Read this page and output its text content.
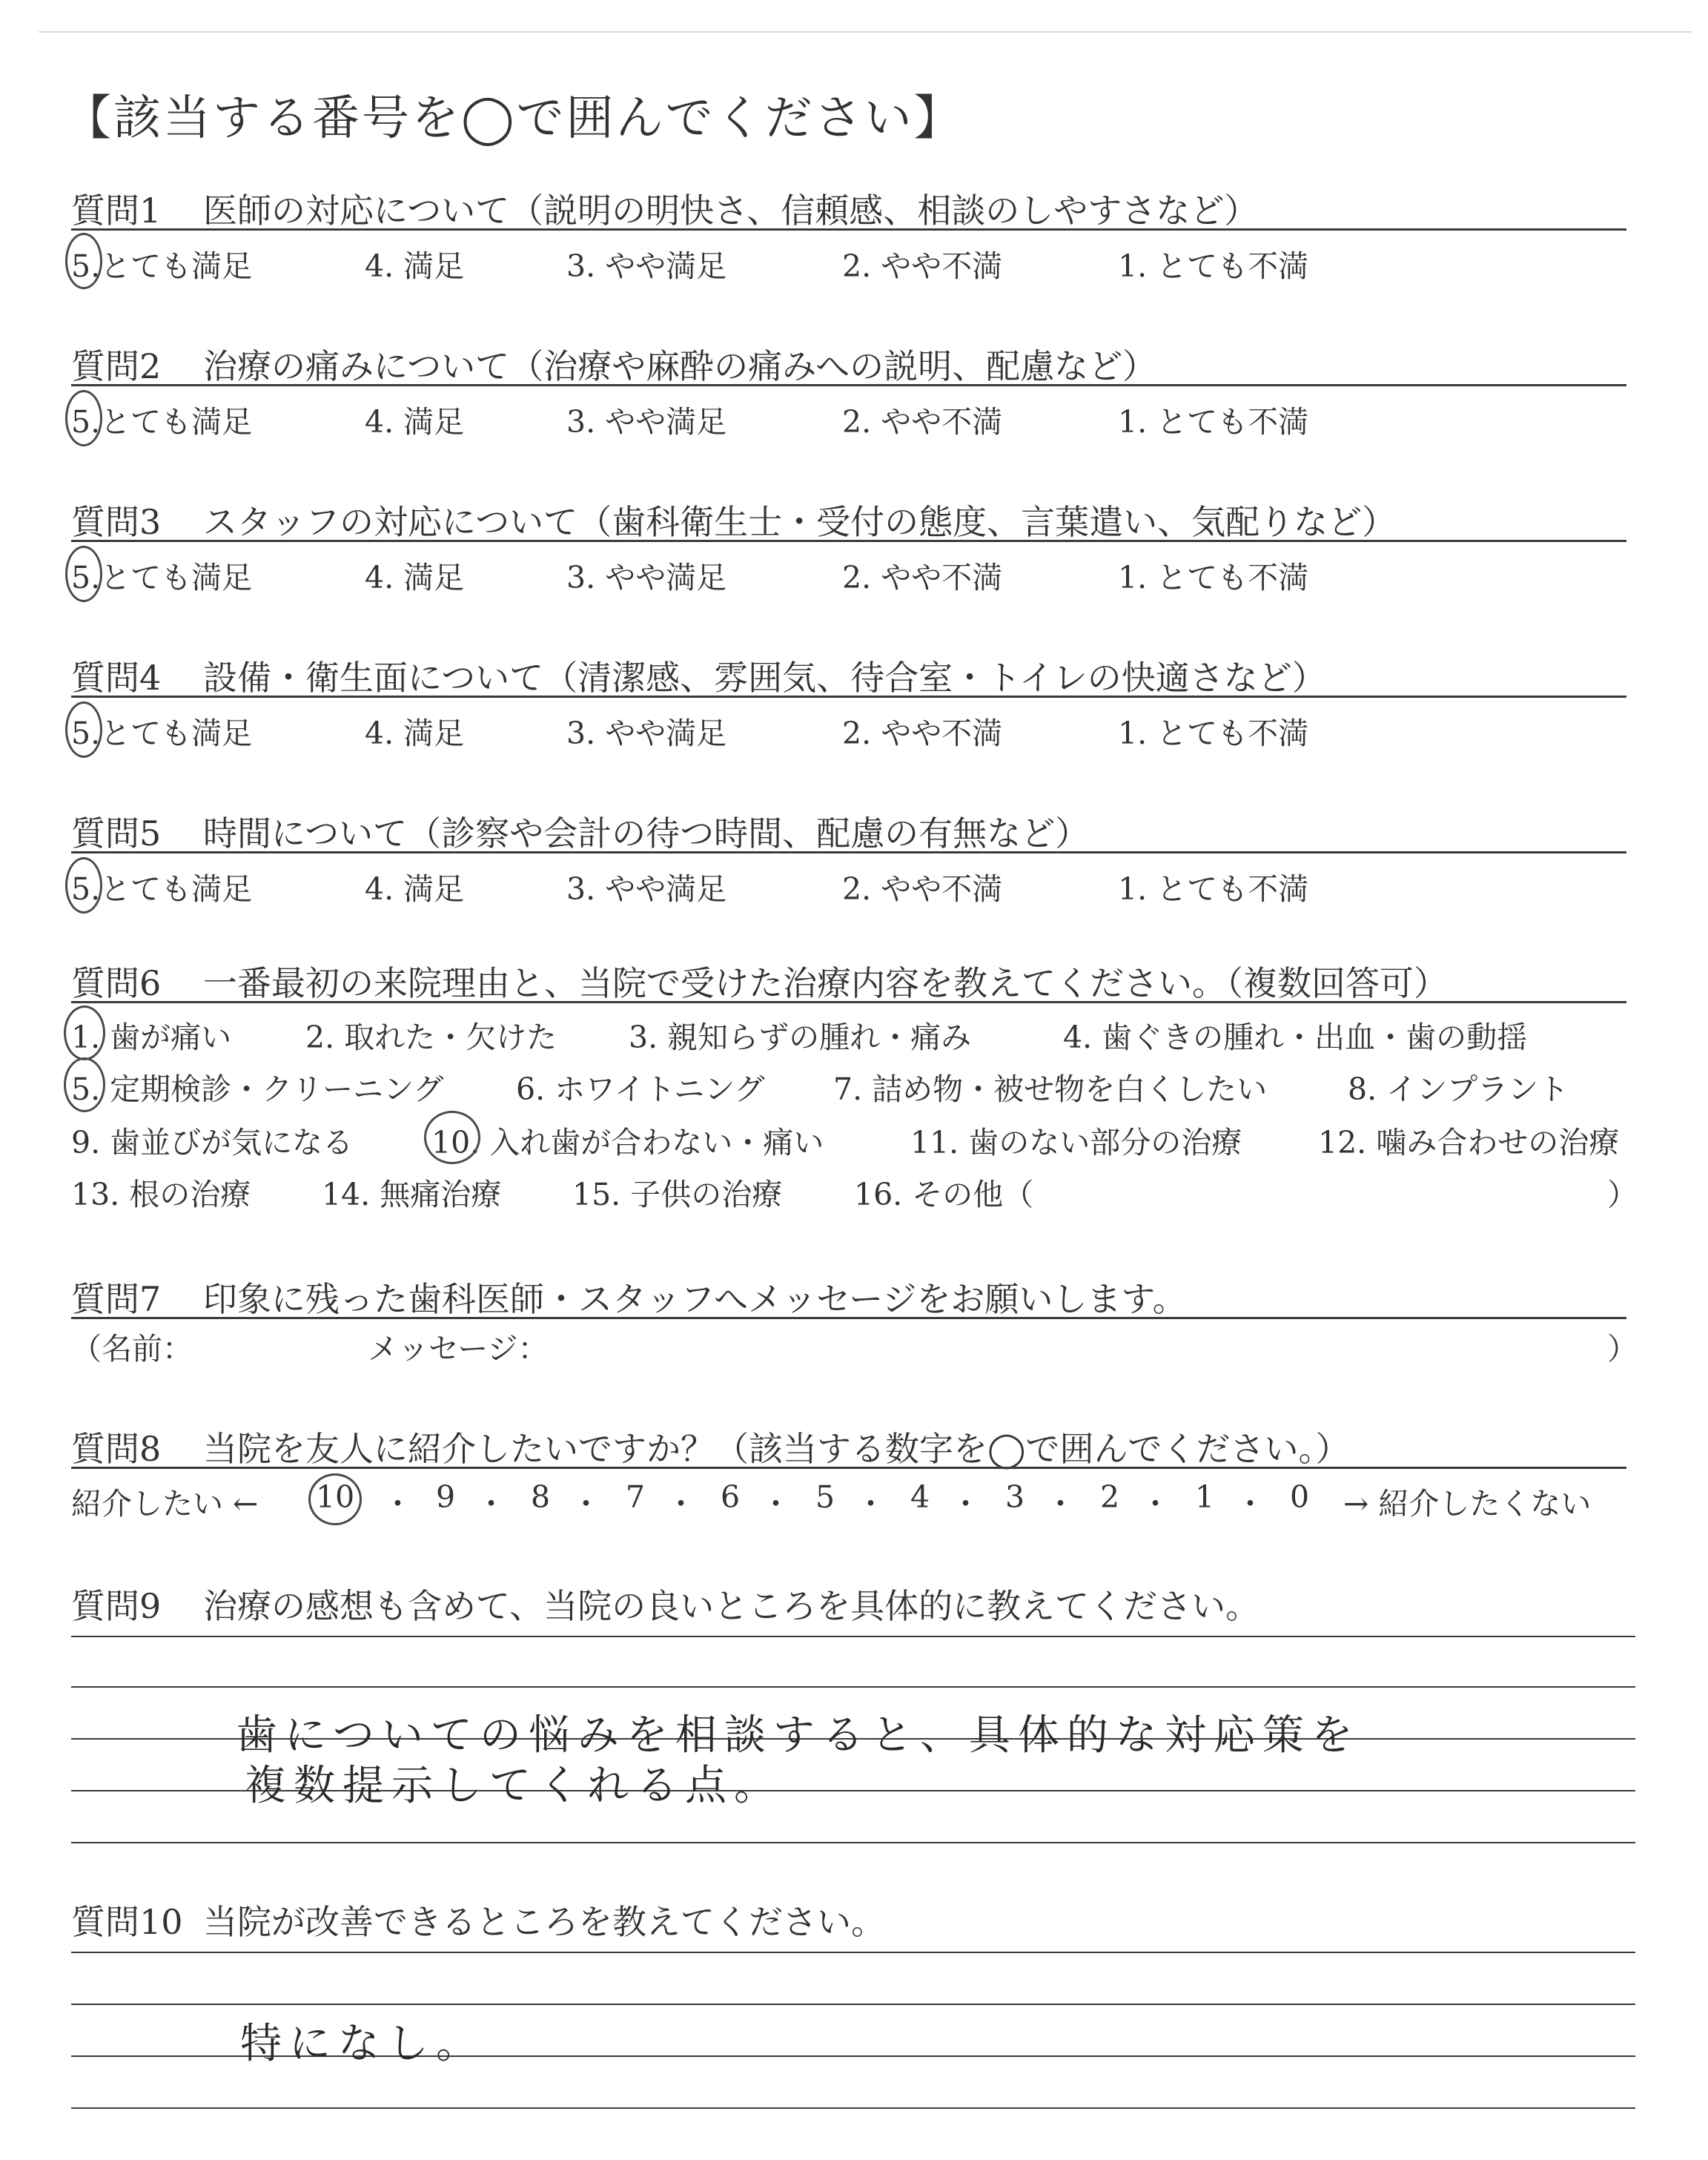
【該当する番号を◯で囲んでください】
質問1 医師の対応について（説明の明快さ、信頼感、相談のしやすさなど）
5.とても満足	4. 満足	3. やや満足	2. やや不満	1. とても不満
質問2 治療の痛みについて（治療や麻酔の痛みへの説明、配慮など）
5.とても満足	4. 満足	3. やや満足	2. やや不満	1. とても不満
質問3 スタッフの対応について（歯科衛生士・受付の態度、言葉遣い、気配りなど）
5.とても満足	4. 満足	3. やや満足	2. やや不満	1. とても不満
質問4 設備・衛生面について（清潔感、雰囲気、待合室・トイレの快適さなど）
5.とても満足	4. 満足	3. やや満足	2. やや不満	1. とても不満
質問5 時間について（診察や会計の待つ時間、配慮の有無など）
5.とても満足	4. 満足	3. やや満足	2. やや不満	1. とても不満
質問6 一番最初の来院理由と、当院で受けた治療内容を教えてください。（複数回答可）
1. 歯が痛い 2. 取れた・欠けた 3. 親知らずの腫れ・痛み	4. 歯ぐきの腫れ・出血・歯の動揺
5. 定期検診・クリーニング 6. ホワイトニング 7. 詰め物・被せ物を白くしたい	8. インプラント
9. 歯並びが気になる	10. 入れ歯が合わない・痛い	11. 歯のない部分の治療	12. 噛み合わせの治療
13. 根の治療 14. 無痛治療 15. 子供の治療 16. その他（	）
質問7 印象に残った歯科医師・スタッフへメッセージをお願いします。
（名前：	メッセージ：	）
質問8 当院を友人に紹介したいですか？（該当する数字を◯で囲んでください。）
紹介したい ← 10 ・ 9 ・ 8 ・ 7 ・ 6 ・ 5 ・ 4 ・ 3 ・ 2 ・ 1 ・ 0 → 紹介したくない
質問9 治療の感想も含めて、当院の良いところを具体的に教えてください。
歯についての悩みを相談すると、具体的な対応策を
複数提示してくれる点。
質問10 当院が改善できるところを教えてください。
特になし。
